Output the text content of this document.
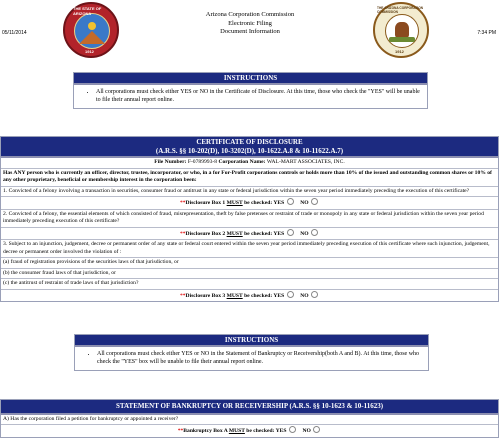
05/11/2014
THE STATE OF ARIZONA
1912
Arizona Corporation Commission
Electronic Filing
Document Information
THE ARIZONA CORPORATION COMMISSION
1912
7:34 PM
INSTRUCTIONS
• All corporations must check either YES or NO in the Certificate of Disclosure. At this time, those who check the "YES" will be unable to file their annual report online.
CERTIFICATE OF DISCLOSURE
(A.R.S. §§ 10-202(D), 10-3202(D), 10-1622.A.8 & 10-11622.A.7)
File Number: F-0789993-8 Corporation Name: WAL-MART ASSOCIATES, INC.
Has ANY person who is currently an officer, director, trustee, incorporator, or who, in a for For-Profit corporations controls or holds more than 10% of the issued and outstanding common shares or 10% of any other proprietary, beneficial or membership interest in the corporation been:
1. Convicted of a felony involving a transaction in securities, consumer fraud or antitrust in any state or federal jurisdiction within the seven year period immediately preceding the execution of this certificate?
**Disclosure Box 1 MUST be checked: YES	NO
2. Convicted of a felony, the essential elements of which consisted of fraud, misrepresentation, theft by false pretenses or restraint of trade or monopoly in any state or federal jurisdiction within the seven year period immediately preceding execution of this certificate?
**Disclosure Box 2 MUST be checked: YES	NO
3. Subject to an injunction, judgement, decree or permanent order of any state or federal court entered within the seven year period immediately preceding execution of this certificate where such injunction, judgement, decree or permanent order involved the violation of :
(a) fraud of registration provisions of the securities laws of that jurisdiction, or
(b) the consumer fraud laws of that jurisdiction, or
(c) the antitrust of restraint of trade laws of that jurisdiction?
**Disclosure Box 3 MUST be checked: YES	NO
INSTRUCTIONS
• All corporations must check either YES or NO in the Statement of Bankruptcy or Receivership(both A and B). At this time, those who check the "YES" box will be unable to file their annual report online.
STATEMENT OF BANKRUPTCY OR RECEIVERSHIP (A.R.S. §§ 10-1623 & 10-11623)
A) Has the corporation filed a petition for bankruptcy or appointed a receiver?
**Bankruptcy Box A MUST be checked: YES	NO
